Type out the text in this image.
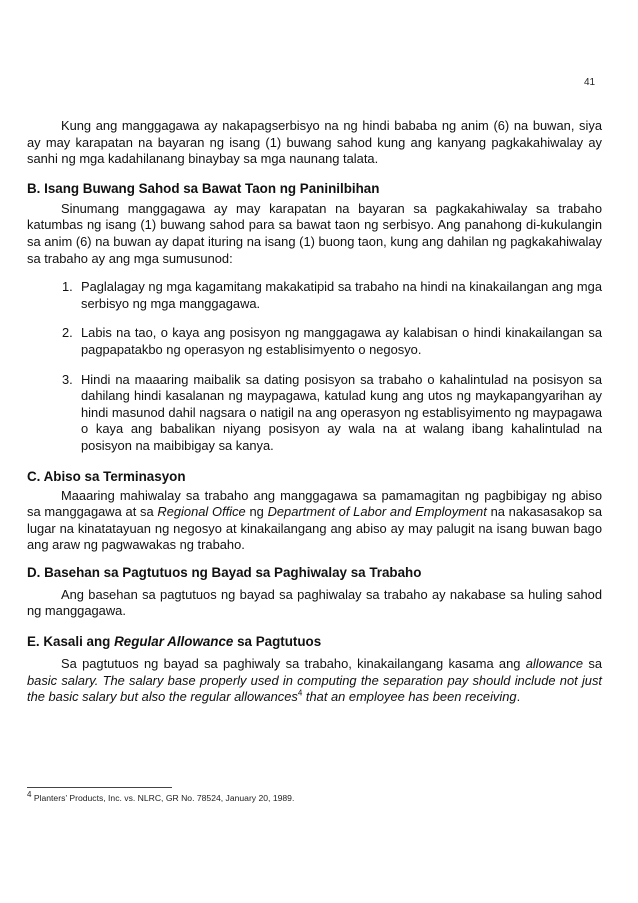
41

Kung ang manggagawa ay nakapagserbisyo na ng hindi bababa ng anim (6) na buwan, siya ay may karapatan na bayaran ng isang (1) buwang sahod kung ang kanyang pagkakahiwalay ay sanhi ng mga kadahilanang binaybay sa mga naunang talata.

B. Isang Buwang Sahod sa Bawat Taon ng Paninilbihan

Sinumang manggagawa ay may karapatan na bayaran sa pagkakahiwalay sa trabaho katumbas ng isang (1) buwang sahod para sa bawat taon ng serbisyo. Ang panahong di-kukulangin sa anim (6) na buwan ay dapat ituring na isang (1) buong taon, kung ang dahilan ng pagkakahiwalay sa trabaho ay ang mga sumusunod:

1. Paglalagay ng mga kagamitang makakatipid sa trabaho na hindi na kinakailangan ang mga serbisyo ng mga manggagawa.
2. Labis na tao, o kaya ang posisyon ng manggagawa ay kalabisan o hindi kinakailangan sa pagpapatakbo ng operasyon ng establisimyento o negosyo.
3. Hindi na maaaring maibalik sa dating posisyon sa trabaho o kahalintulad na posisyon sa dahilang hindi kasalanan ng maypagawa, katulad kung ang utos ng maykapangyarihan ay hindi masunod dahil nagsara o natigil na ang operasyon ng establisyimento ng maypagawa o kaya ang babalikan niyang posisyon ay wala na at walang ibang kahalintulad na posisyon na maibibigay sa kanya.
C. Abiso sa Terminasyon

Maaaring mahiwalay sa trabaho ang manggagawa sa pamamagitan ng pagbibigay ng abiso sa manggagawa at sa Regional Office ng Department of Labor and Employment na nakasasakop sa lugar na kinatatayuan ng negosyo at kinakailangang ang abiso ay may palugit na isang buwan bago ang araw ng pagwawakas ng trabaho.

D. Basehan sa Pagtutuos ng Bayad sa Paghiwalay sa Trabaho

Ang basehan sa pagtutuos ng bayad sa paghiwalay sa trabaho ay nakabase sa huling sahod ng manggagawa.

E. Kasali ang Regular Allowance sa Pagtutuos

Sa pagtutuos ng bayad sa paghiwaly sa trabaho, kinakailangang kasama ang allowance sa basic salary. The salary base properly used in computing the separation pay should include not just the basic salary but also the regular allowances$^4$ that an employee has been receiving.

$^4$ Planters’ Products, Inc. vs. NLRC, GR No. 78524, January 20, 1989.
